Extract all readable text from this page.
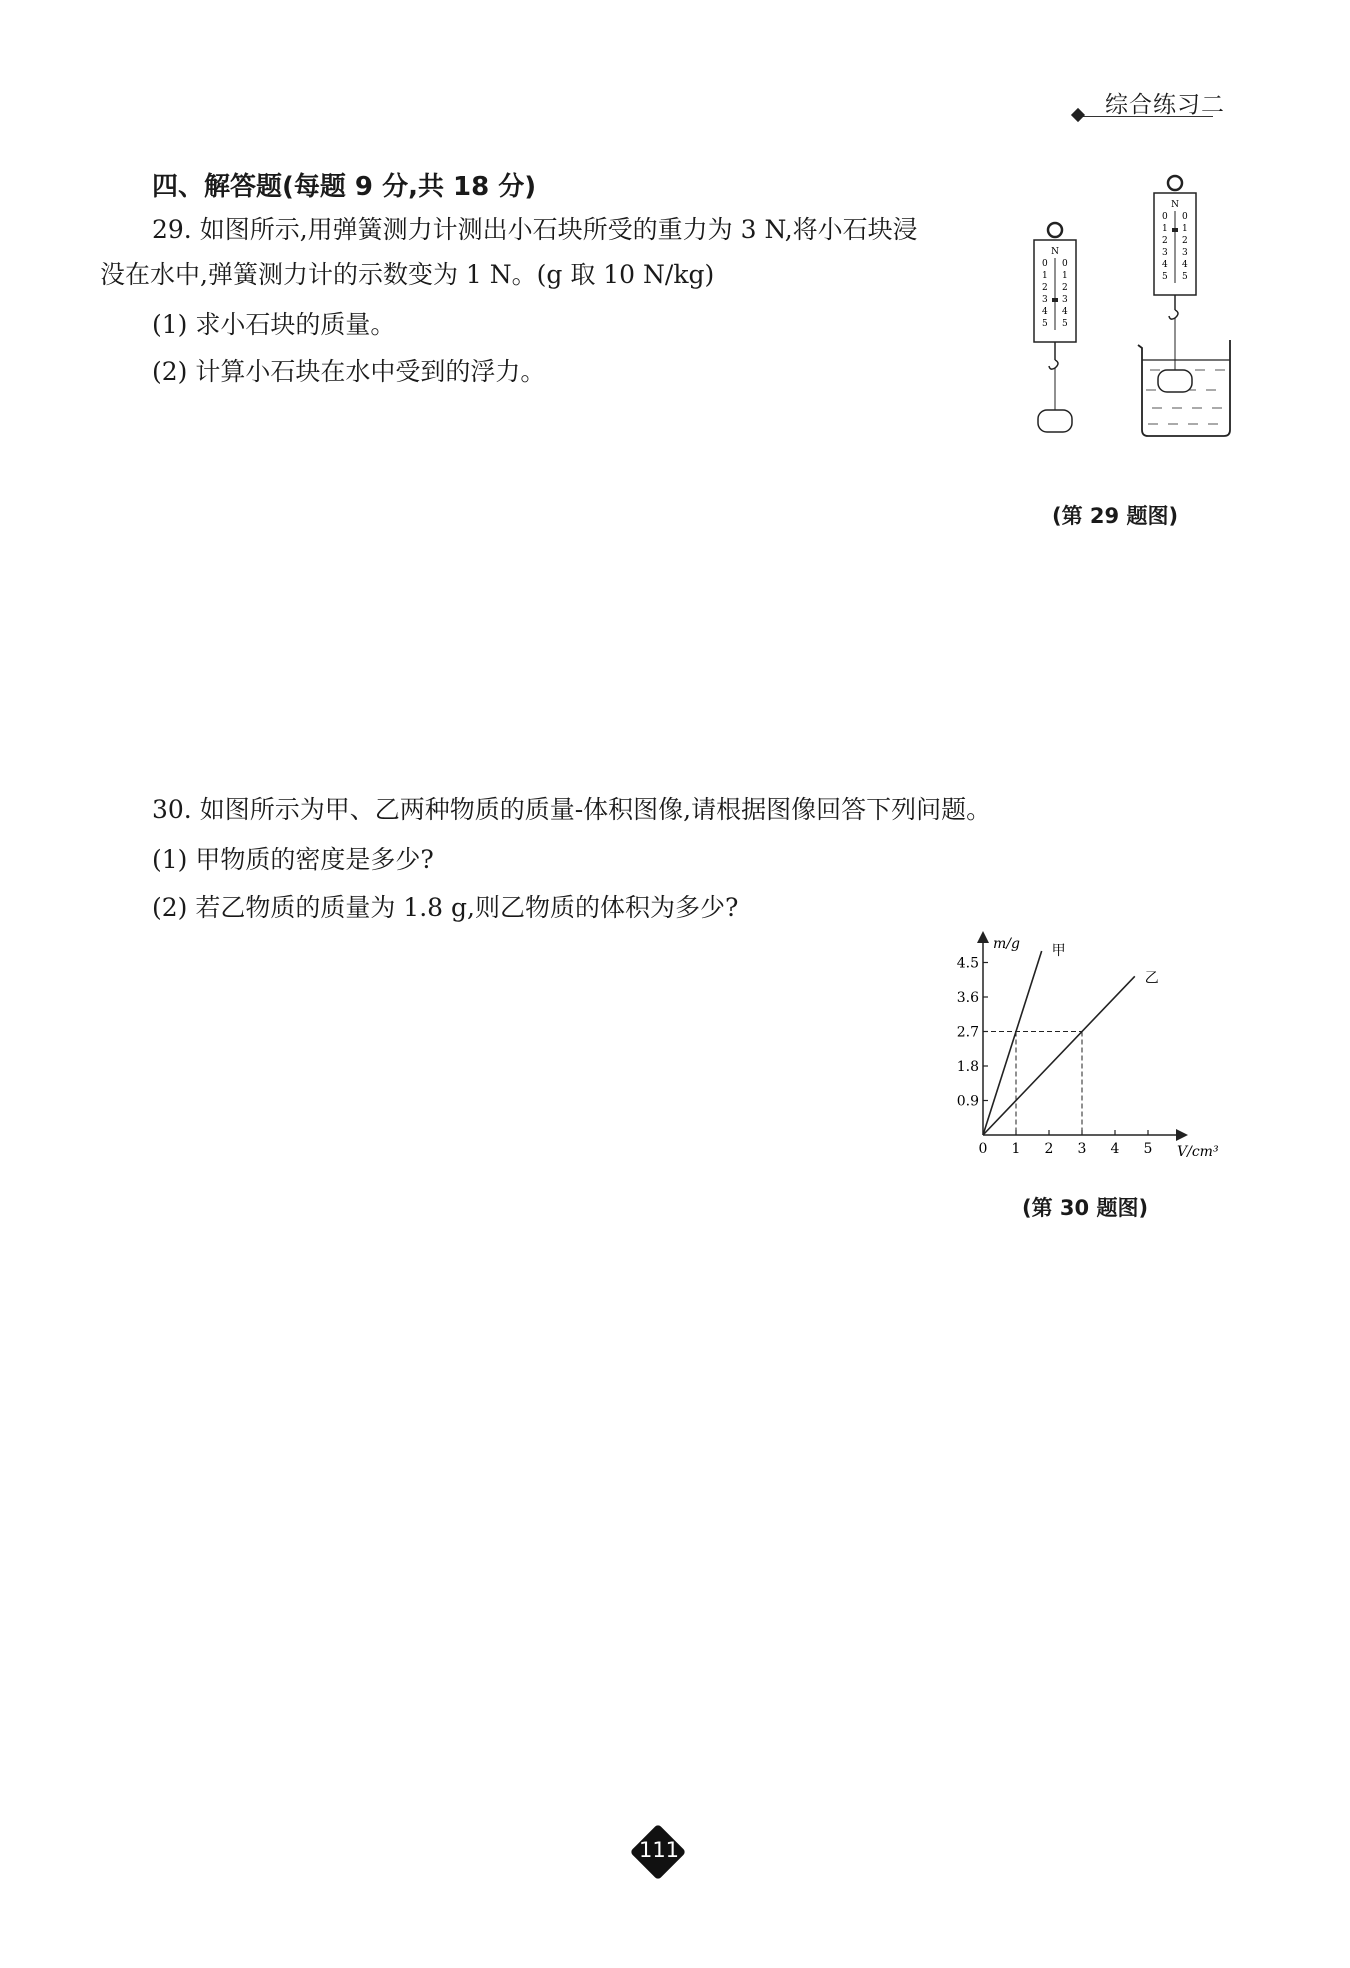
综合练习二
四、解答题(每题 9 分,共 18 分)
29. 如图所示,用弹簧测力计测出小石块所受的重力为 3 N,将小石块浸
没在水中,弹簧测力计的示数变为 1 N。(g 取 10 N/kg)
(1) 求小石块的质量。
(2) 计算小石块在水中受到的浮力。
N
0
1
2
3
4
5
0
1
2
3
4
5
N
0
1
2
3
4
5
0
1
2
3
4
5
(第 29 题图)
30. 如图所示为甲、乙两种物质的质量-体积图像,请根据图像回答下列问题。
(1) 甲物质的密度是多少?
(2) 若乙物质的质量为 1.8 g,则乙物质的体积为多少?
m/g
V/cm³
0 1 2 3 4 5
0.9
1.8
2.7
3.6
4.5
甲
乙
(第 30 题图)
111
